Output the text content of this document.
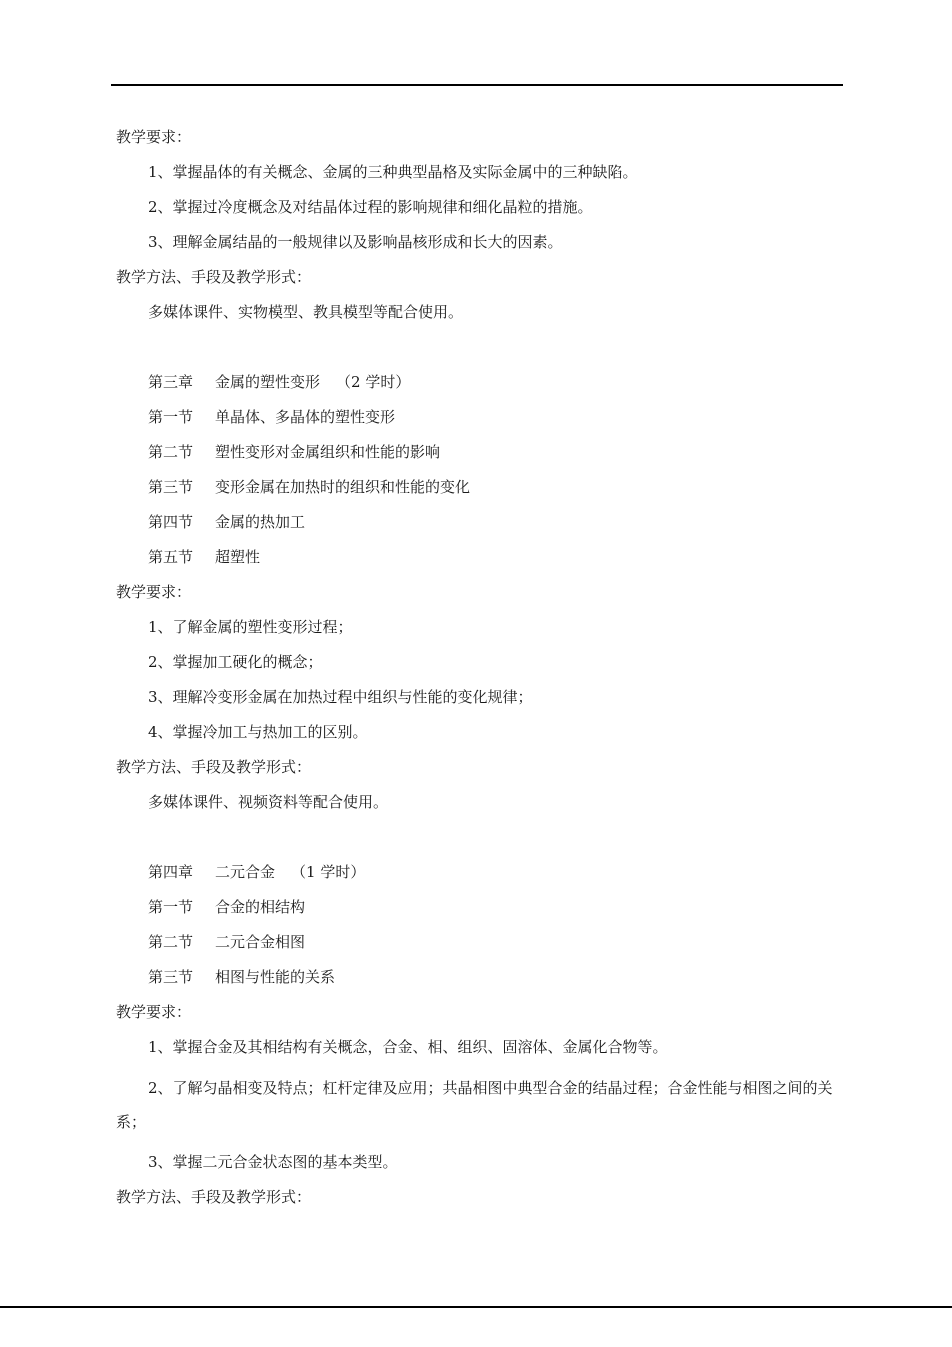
教学要求：
1、掌握晶体的有关概念、金属的三种典型晶格及实际金属中的三种缺陷。
2、掌握过冷度概念及对结晶体过程的影响规律和细化晶粒的措施。
3、理解金属结晶的一般规律以及影响晶核形成和长大的因素。
教学方法、手段及教学形式：
多媒体课件、实物模型、教具模型等配合使用。
第三章 金属的塑性变形 （2 学时）
第一节 单晶体、多晶体的塑性变形
第二节 塑性变形对金属组织和性能的影响
第三节 变形金属在加热时的组织和性能的变化
第四节 金属的热加工
第五节 超塑性
教学要求：
1、了解金属的塑性变形过程；
2、掌握加工硬化的概念；
3、理解冷变形金属在加热过程中组织与性能的变化规律；
4、掌握冷加工与热加工的区别。
教学方法、手段及教学形式：
多媒体课件、视频资料等配合使用。
第四章 二元合金 （1 学时）
第一节 合金的相结构
第二节 二元合金相图
第三节 相图与性能的关系
教学要求：
1、掌握合金及其相结构有关概念，合金、相、组织、固溶体、金属化合物等。
2、了解匀晶相变及特点；杠杆定律及应用；共晶相图中典型合金的结晶过程；合金性能与相图之间的关系；
3、掌握二元合金状态图的基本类型。
教学方法、手段及教学形式：
